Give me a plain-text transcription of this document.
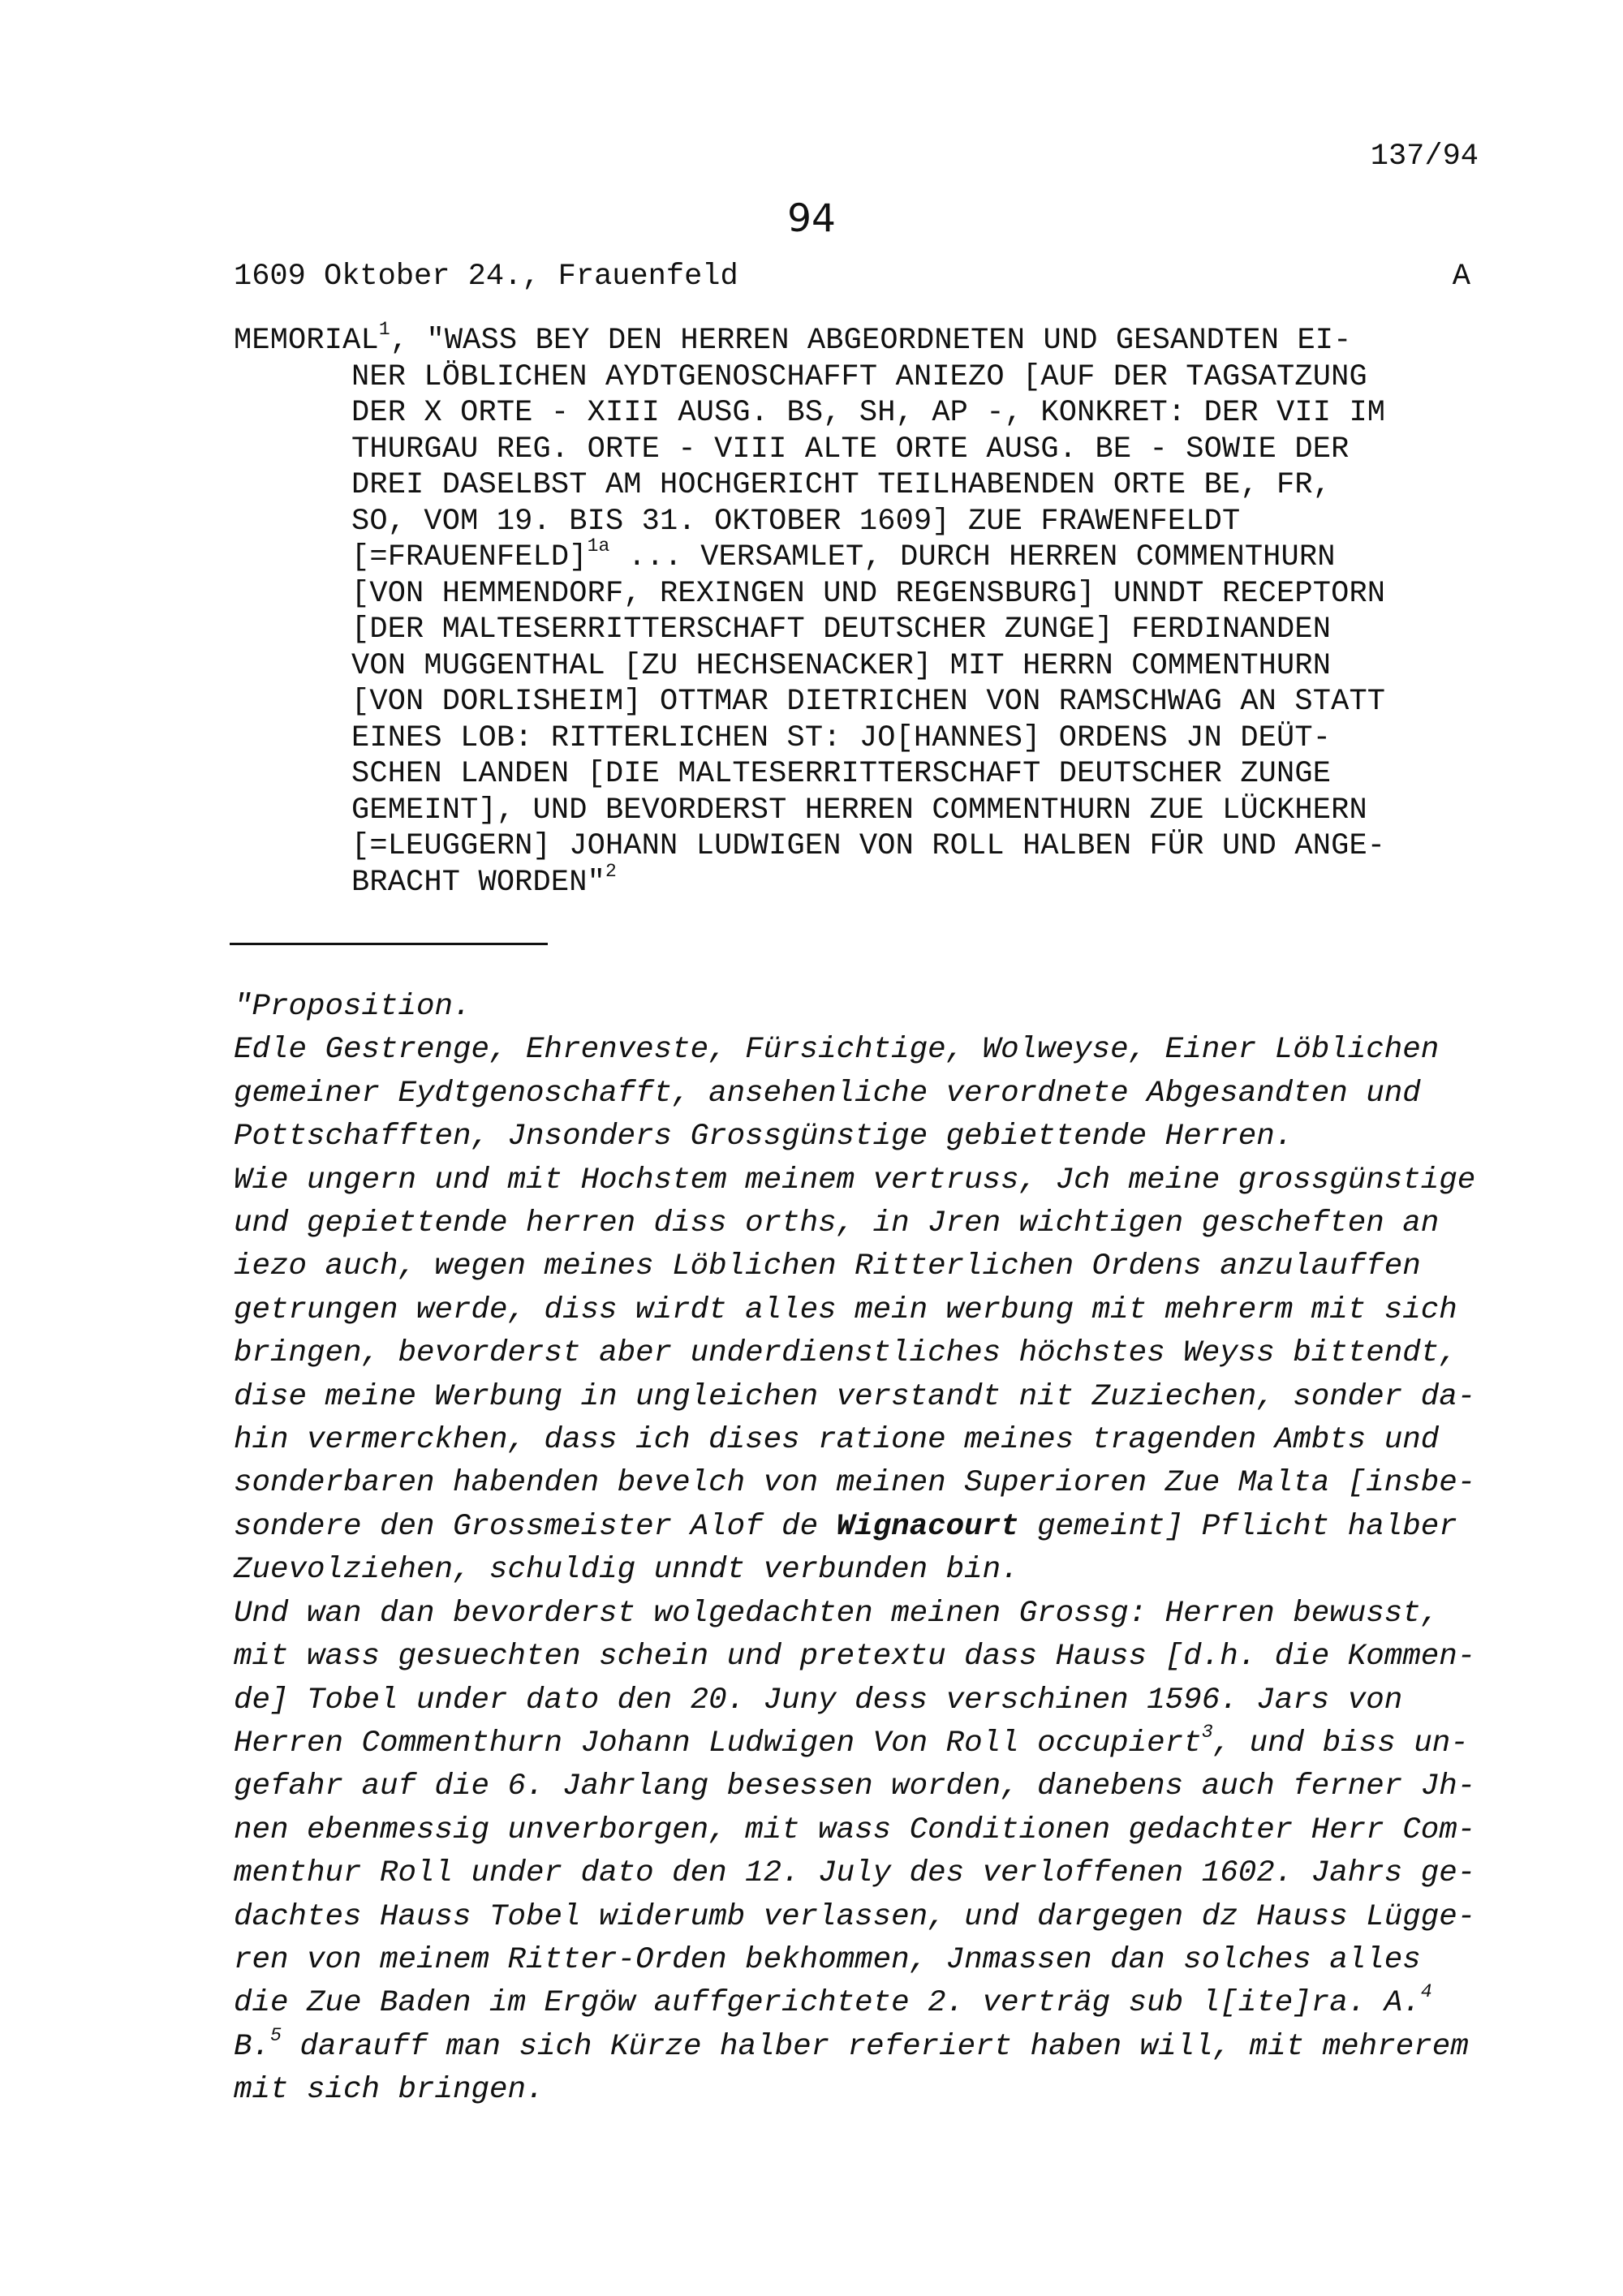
137/94
94
1609 Oktober 24., Frauenfeld	A
MEMORIAL$^1$, "WASS BEY DEN HERREN ABGEORDNETEN UND GESANDTEN EI-
NER LÖBLICHEN AYDTGENOSCHAFFT ANIEZO [AUF DER TAGSATZUNG
DER X ORTE - XIII AUSG. BS, SH, AP -, KONKRET: DER VII IM
THURGAU REG. ORTE - VIII ALTE ORTE AUSG. BE - SOWIE DER
DREI DASELBST AM HOCHGERICHT TEILHABENDEN ORTE BE, FR,
SO, VOM 19. BIS 31. OKTOBER 1609] ZUE FRAWENFELDT
[=FRAUENFELD]$^{1a}$ ... VERSAMLET, DURCH HERREN COMMENTHURN
[VON HEMMENDORF, REXINGEN UND REGENSBURG] UNNDT RECEPTORN
[DER MALTESERRITTERSCHAFT DEUTSCHER ZUNGE] FERDINANDEN
VON MUGGENTHAL [ZU HECHSENACKER] MIT HERRN COMMENTHURN
[VON DORLISHEIM] OTTMAR DIETRICHEN VON RAMSCHWAG AN STATT
EINES LOB: RITTERLICHEN ST: JO[HANNES] ORDENS JN DEÜT-
SCHEN LANDEN [DIE MALTESERRITTERSCHAFT DEUTSCHER ZUNGE
GEMEINT], UND BEVORDERST HERREN COMMENTHURN ZUE LÜCKHERN
[=LEUGGERN] JOHANN LUDWIGEN VON ROLL HALBEN FÜR UND ANGE-
BRACHT WORDEN"$^2$
"Proposition.
Edle Gestrenge, Ehrenveste, Fürsichtige, Wolweyse, Einer Löblichen
gemeiner Eydtgenoschafft, ansehenliche verordnete Abgesandten und
Pottschafften, Jnsonders Grossgünstige gebiettende Herren.
Wie ungern und mit Hochstem meinem vertruss, Jch meine grossgünstige
und gepiettende herren diss orths, in Jren wichtigen gescheften an
iezo auch, wegen meines Löblichen Ritterlichen Ordens anzulauffen
getrungen werde, diss wirdt alles mein werbung mit mehrerm mit sich
bringen, bevorderst aber underdienstliches höchstes Weyss bittendt,
dise meine Werbung in ungleichen verstandt nit Zuziechen, sonder da-
hin vermerckhen, dass ich dises ratione meines tragenden Ambts und
sonderbaren habenden bevelch von meinen Superioren Zue Malta [insbe-
sondere den Grossmeister Alof de Wignacourt gemeint] Pflicht halber
Zuevolziehen, schuldig unndt verbunden bin.
Und wan dan bevorderst wolgedachten meinen Grossg: Herren bewusst,
mit wass gesuechten schein und pretextu dass Hauss [d.h. die Kommen-
de] Tobel under dato den 20. Juny dess verschinen 1596. Jars von
Herren Commenthurn Johann Ludwigen Von Roll occupiert$^3$, und biss un-
gefahr auf die 6. Jahrlang besessen worden, danebens auch ferner Jh-
nen ebenmessig unverborgen, mit wass Conditionen gedachter Herr Com-
menthur Roll under dato den 12. July des verloffenen 1602. Jahrs ge-
dachtes Hauss Tobel widerumb verlassen, und dargegen dz Hauss Lügge-
ren von meinem Ritter-Orden bekhommen, Jnmassen dan solches alles
die Zue Baden im Ergöw auffgerichtete 2. verträg sub l[ite]ra. A.$^4$
B.$^5$ darauff man sich Kürze halber referiert haben will, mit mehrerem
mit sich bringen.
